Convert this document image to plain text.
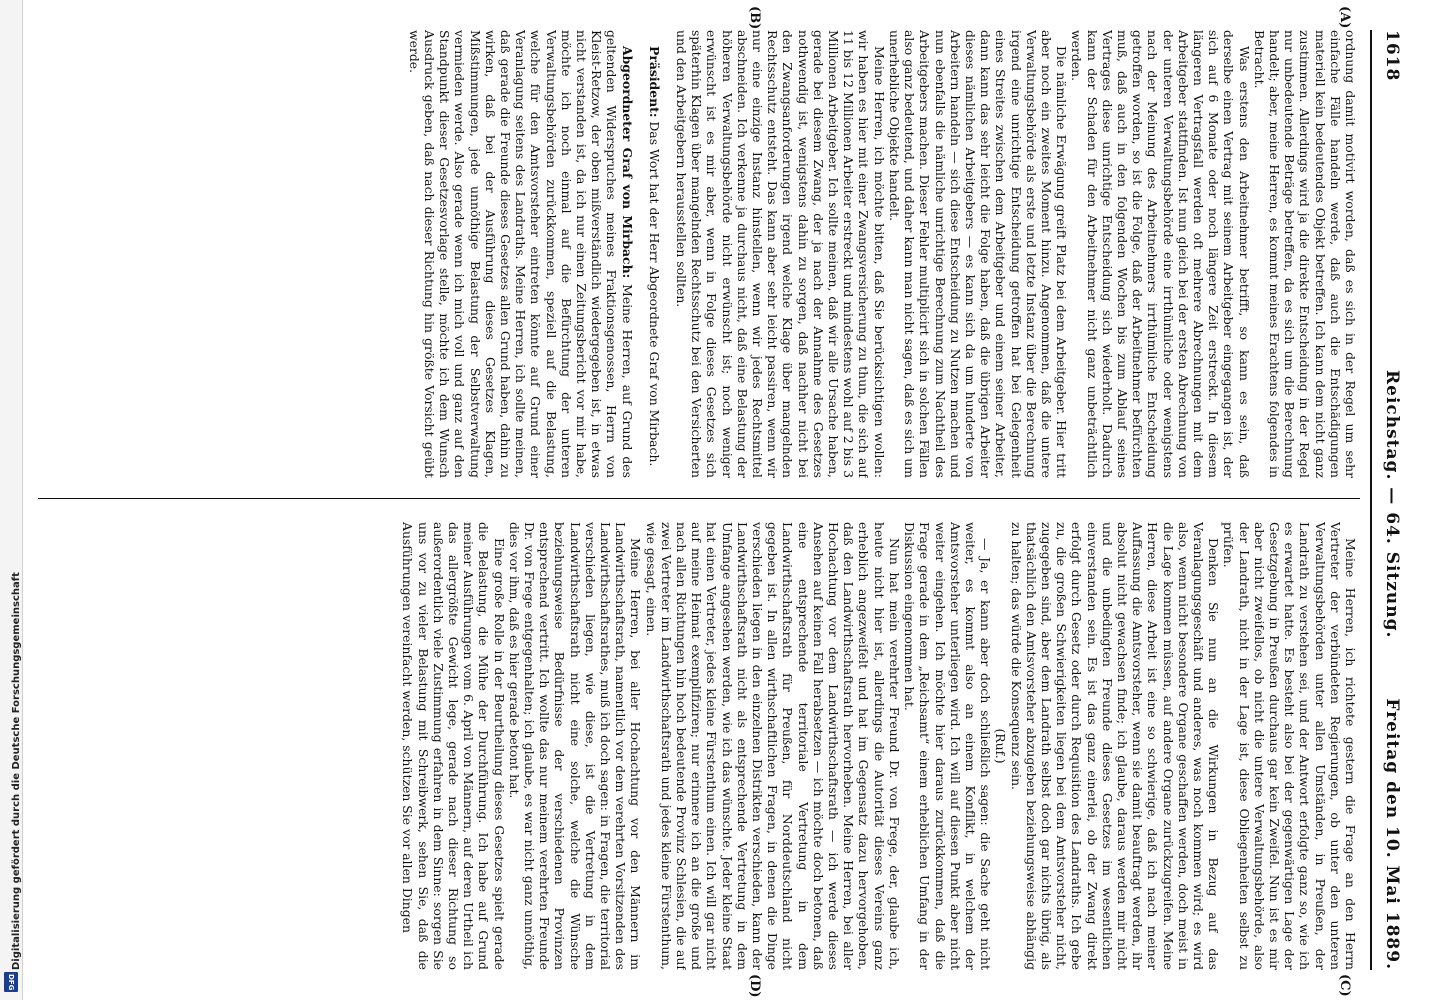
Digitalisierung gefördert durch die Deutsche Forschungsgemeinschaft
DFG
1618
Reichstag. — 64. Sitzung.
Freitag den 10. Mai 1889.
(A)
(B)
(C)
(D)

ordnung damit motivirt worden, daß es sich in der Regel um sehr einfache Fälle handeln werde, daß auch die Entschädigungen materiell kein bedeutendes Objekt betreffen. Ich kann dem nicht ganz zustimmen. Allerdings wird ja die direkte Entscheidung in der Regel nur unbedeutende Beträge betreffen, da es sich um die Berechnung handelt; aber, meine Herren, es kommt meines Erachtens folgendes in Betracht.

Was erstens den Arbeitnehmer betrifft, so kann es sein, daß derselbe einen Vertrag mit seinem Arbeitgeber eingegangen ist, der sich auf 6 Monate oder noch längere Zeit erstreckt. In diesem längeren Vertragsfall werden oft mehrere Abrechnungen mit dem Arbeitgeber stattfinden. Ist nun gleich bei der ersten Abrechnung von der unteren Verwaltungsbehörde eine irrthümliche oder wenigstens nach der Meinung des Arbeitnehmers irrthümliche Entscheidung getroffen worden, so ist die Folge, daß der Arbeitnehmer befürchten muß, daß auch in den folgenden Wochen bis zum Ablauf seines Vertrages diese unrichtige Entscheidung sich wiederholt. Dadurch kann der Schaden für den Arbeitnehmer nicht ganz unbeträchtlich werden.

Die nämliche Erwägung greift Platz bei dem Arbeitgeber. Hier tritt aber noch ein zweites Moment hinzu. Angenommen, daß die untere Verwaltungsbehörde als erste und letzte Instanz über die Berechnung irgend eine unrichtige Entscheidung getroffen hat bei Gelegenheit eines Streites zwischen dem Arbeitgeber und einem seiner Arbeiter, dann kann das sehr leicht die Folge haben, daß die übrigen Arbeiter dieses nämlichen Arbeitgebers — es kann sich da um hunderte von Arbeitern handeln — sich diese Entscheidung zu Nutzen machen und nun ebenfalls die nämliche unrichtige Berechnung zum Nachtheil des Arbeitgebers machen. Dieser Fehler multiplicirt sich in solchen Fällen also ganz bedeutend, und daher kann man nicht sagen, daß es sich um unerhebliche Objekte handelt.

Meine Herren, ich möchte bitten, daß Sie berücksichtigen wollen: wir haben es hier mit einer Zwangsversicherung zu thun, die sich auf 11 bis 12 Millionen Arbeiter erstreckt und mindestens wohl auf 2 bis 3 Millionen Arbeitgeber. Ich sollte meinen, daß wir alle Ursache haben, gerade bei diesem Zwang, der ja nach der Annahme des Gesetzes nothwendig ist, wenigstens dahin zu sorgen, daß nachher nicht bei den Zwangsanforderungen irgend welche Klage über mangelnden Rechtsschutz entsteht. Das kann aber sehr leicht passiren, wenn wir nur eine einzige Instanz hinstellen, wenn wir jedes Rechtsmittel abschneiden. Ich verkenne ja durchaus nicht, daß eine Belastung der höheren Verwaltungsbehörde nicht erwünscht ist; noch weniger erwünscht ist es mir aber, wenn in Folge dieses Gesetzes sich späterhin Klagen über mangelnden Rechtsschutz bei den Versicherten und den Arbeitgebern herausstellen sollten.

Präsident: Das Wort hat der Herr Abgeordnete Graf von Mirbach.

Abgeordneter Graf von Mirbach: Meine Herren, auf Grund des geltenden Widerspruches meines Fraktionsgenossen, Herrn von Kleist-Retzow, der oben mißverständlich wiedergegeben ist, in etwas nicht verstanden ist, da ich nur einen Zeitungsbericht vor mir habe, möchte ich noch einmal auf die Befürchtung der unteren Verwaltungsbehörden zurückkommen, speziell auf die Belastung, welche für den Amtsvorsteher eintreten könnte auf Grund einer Veranlagung seitens des Landraths. Meine Herren, ich sollte meinen, daß gerade die Freunde dieses Gesetzes allen Grund haben, dahin zu wirken, daß bei der Ausführung dieses Gesetzes Klagen, Mißstimmungen, jede unnöthige Belastung der Selbstverwaltung vermieden werde. Also gerade wenn ich mich voll und ganz auf den Standpunkt dieser Gesetzesvorlage stelle, möchte ich dem Wunsch Ausdruck geben, daß nach dieser Richtung hin größte Vorsicht geübt werde.

Meine Herren, ich richtete gestern die Frage an den Herrn Vertreter der verbündeten Regierungen, ob unter den unteren Verwaltungsbehörden unter allen Umständen, in Preußen, der Landrath zu verstehen sei, und der Antwort erfolgte ganz so, wie ich es erwartet hatte. Es besteht also bei der gegenwärtigen Lage der Gesetzgebung in Preußen durchaus gar kein Zweifel. Nun ist es mir aber nicht zweifellos, ob nicht die untere Verwaltungsbehörde, also der Landrath, nicht in der Lage ist, diese Obliegenheiten selbst zu prüfen.

Denken Sie nun an die Wirkungen in Bezug auf das Veranlagungsgeschäft und anderes, was noch kommen wird; es wird also, wenn nicht besondere Organe geschaffen werden, doch meist in die Lage kommen müssen, auf andere Organe zurückzugreifen. Meine Herren, diese Arbeit ist eine so schwierige, daß ich nach meiner Auffassung die Amtsvorsteher, wenn sie damit beauftragt werden, ihr absolut nicht gewachsen finde; ich glaube, daraus werden mir nicht und die unbedingten Freunde dieses Gesetzes im wesentlichen einverstanden sein. Es ist das ganz einerlei, ob der Zwang direkt erfolgt durch Gesetz oder durch Requisition des Landraths. Ich gebe zu, die großen Schwierigkeiten liegen bei dem Amtsvorsteher nicht, zugegeben sind, aber dem Landrath selbst doch gar nichts übrig, als thatsächlich den Amtsvorsteher abzugeben beziehungsweise abhängig zu halten; das würde die Konsequenz sein.

(Ruf.)

— Ja, er kann aber doch schließlich sagen: die Sache geht nicht weiter, es kommt also an einem Konflikt, in welchem der Amtsvorsteher unterliegen wird. Ich will auf diesen Punkt aber nicht weiter eingehen. Ich möchte hier daraus zurückkommen, daß die Frage gerade in dem „Reichsamt“ einem erheblichen Umfang in der Diskussion eingenommen hat.

Nun hat mein verehrter Freund Dr. von Frege, der, glaube ich, heute nicht hier ist, allerdings die Autorität dieses Vereins ganz erheblich angezweifelt und hat im Gegensatz dazu hervorgehoben, daß den Landwirthschaftsrath hervorheben. Meine Herren, bei aller Hochachtung vor dem Landwirthschaftsrath — ich werde dieses Ansehen auf keinen Fall herabsetzen — ich möchte doch betonen, daß eine entsprechende territoriale Vertretung in dem Landwirthschaftsrath für Preußen, für Norddeutschland nicht gegeben ist. In allen wirthschaftlichen Fragen, in denen die Dinge verschieden liegen in den einzelnen Distrikten verschieden, kann der Landwirthschaftsrath nicht als entsprechende Vertretung in dem Umfange angesehen werden, wie ich das wünschte. Jeder kleine Staat hat einen Vertreter, jedes kleine Fürstenthum einen. Ich will gar nicht auf meine Heimat exemplifiziren; nur erinnere ich an die große und nach allen Richtungen hin hoch bedeutende Provinz Schlesien, die auf zwei Vertreter im Landwirthschaftsrath und jedes kleine Fürstenthum, wie gesagt, einen.

Meine Herren, bei aller Hochachtung vor den Männern im Landwirthschaftsrath, namentlich vor dem verehrten Vorsitzenden des Landwirthschaftsrathes, muß ich doch sagen: in Fragen, die territorial verschieden liegen, wie diese, ist die Vertretung in dem Landwirthschaftsrath nicht eine solche, welche die Wünsche beziehungsweise Bedürfnisse der verschiedenen Provinzen entsprechend vertritt. Ich wollte das nur meinem verehrten Freunde Dr. von Frege entgegenhalten; ich glaube, es war nicht ganz unnöthig, dies vor ihm, daß es hier gerade betont hat.

Eine große Rolle in der Beurtheilung dieses Gesetzes spielt gerade die Belastung, die Mühe der Durchführung. Ich habe auf Grund meiner Ausführungen vom 6. April von Männern, auf deren Urtheil ich das allergrößte Gewicht lege, gerade nach dieser Richtung so außerordentlich viele Zustimmung erfahren in dem Sinne: sorgen Sie uns vor zu vieler Belastung mit Schreibwerk, sehen Sie, daß die Ausführungen vereinfacht werden, schützen Sie vor allen Dingen
